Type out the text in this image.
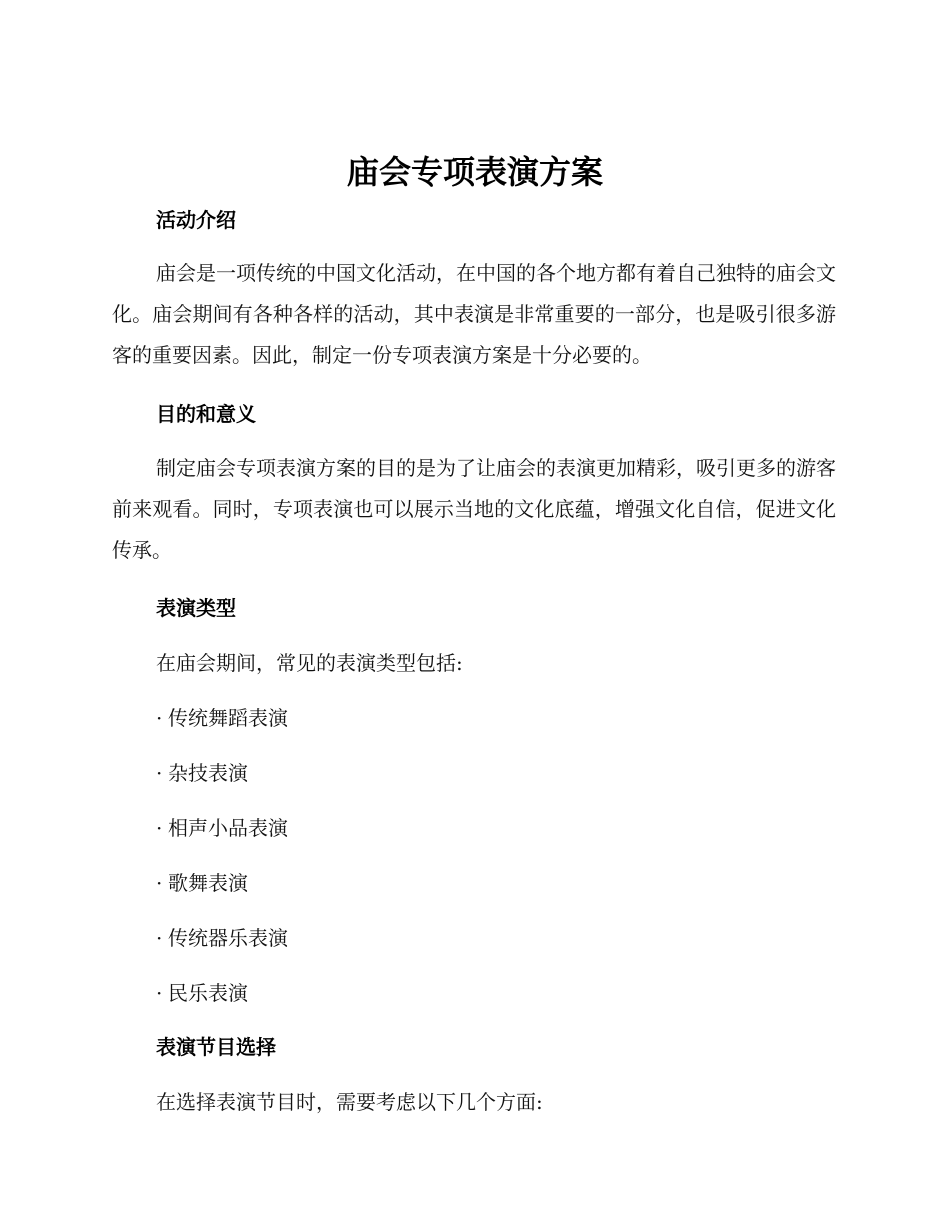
庙会专项表演方案
活动介绍

庙会是一项传统的中国文化活动，在中国的各个地方都有着自己独特的庙会文化。庙会期间有各种各样的活动，其中表演是非常重要的一部分，也是吸引很多游客的重要因素。因此，制定一份专项表演方案是十分必要的。

目的和意义

制定庙会专项表演方案的目的是为了让庙会的表演更加精彩，吸引更多的游客前来观看。同时，专项表演也可以展示当地的文化底蕴，增强文化自信，促进文化传承。

表演类型

在庙会期间，常见的表演类型包括:

· 传统舞蹈表演

· 杂技表演

· 相声小品表演

· 歌舞表演

· 传统器乐表演

· 民乐表演

表演节目选择

在选择表演节目时，需要考虑以下几个方面:
